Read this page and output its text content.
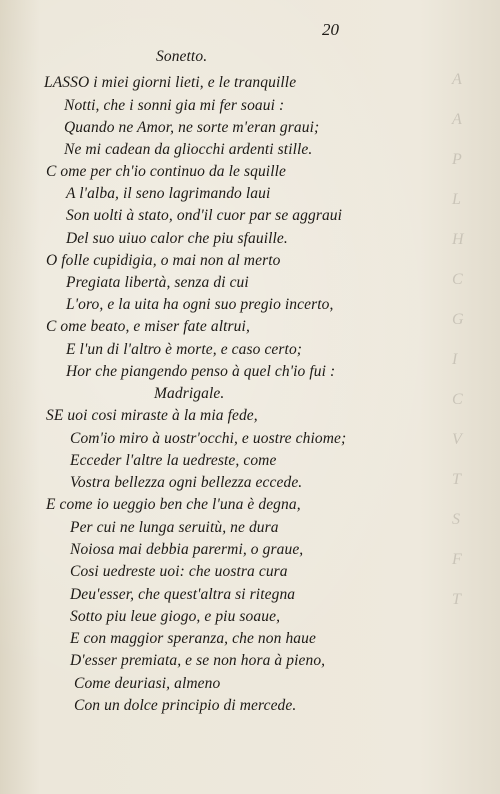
A
A
P
L
H
C
G
I
C
V
T
S
F
T
20
Sonetto.
LASSO i miei giorni lieti, e le tranquille
Notti, che i sonni gia mi fer soaui :
Quando ne Amor, ne sorte m'eran graui;
Ne mi cadean da gliocchi ardenti stille.
C ome per ch'io continuo da le squille
A l'alba, il seno lagrimando laui
Son uolti à stato, ond'il cuor par se aggraui
Del suo uiuo calor che piu sfauille.
O folle cupidigia, o mai non al merto
Pregiata libertà, senza di cui
L'oro, e la uita ha ogni suo pregio incerto,
C ome beato, e miser fate altrui,
E l'un di l'altro è morte, e caso certo;
Hor che piangendo penso à quel ch'io fui :
Madrigale.
SE uoi cosi miraste à la mia fede,
Com'io miro à uostr'occhi, e uostre chiome;
Ecceder l'altre la uedreste, come
Vostra bellezza ogni bellezza eccede.
E come io ueggio ben che l'una è degna,
Per cui ne lunga seruitù, ne dura
Noiosa mai debbia parermi, o graue,
Cosi uedreste uoi: che uostra cura
Deu'esser, che quest'altra si ritegna
Sotto piu leue giogo, e piu soaue,
E con maggior speranza, che non haue
D'esser premiata, e se non hora à pieno,
Come deuriasi, almeno
Con un dolce principio di mercede.
